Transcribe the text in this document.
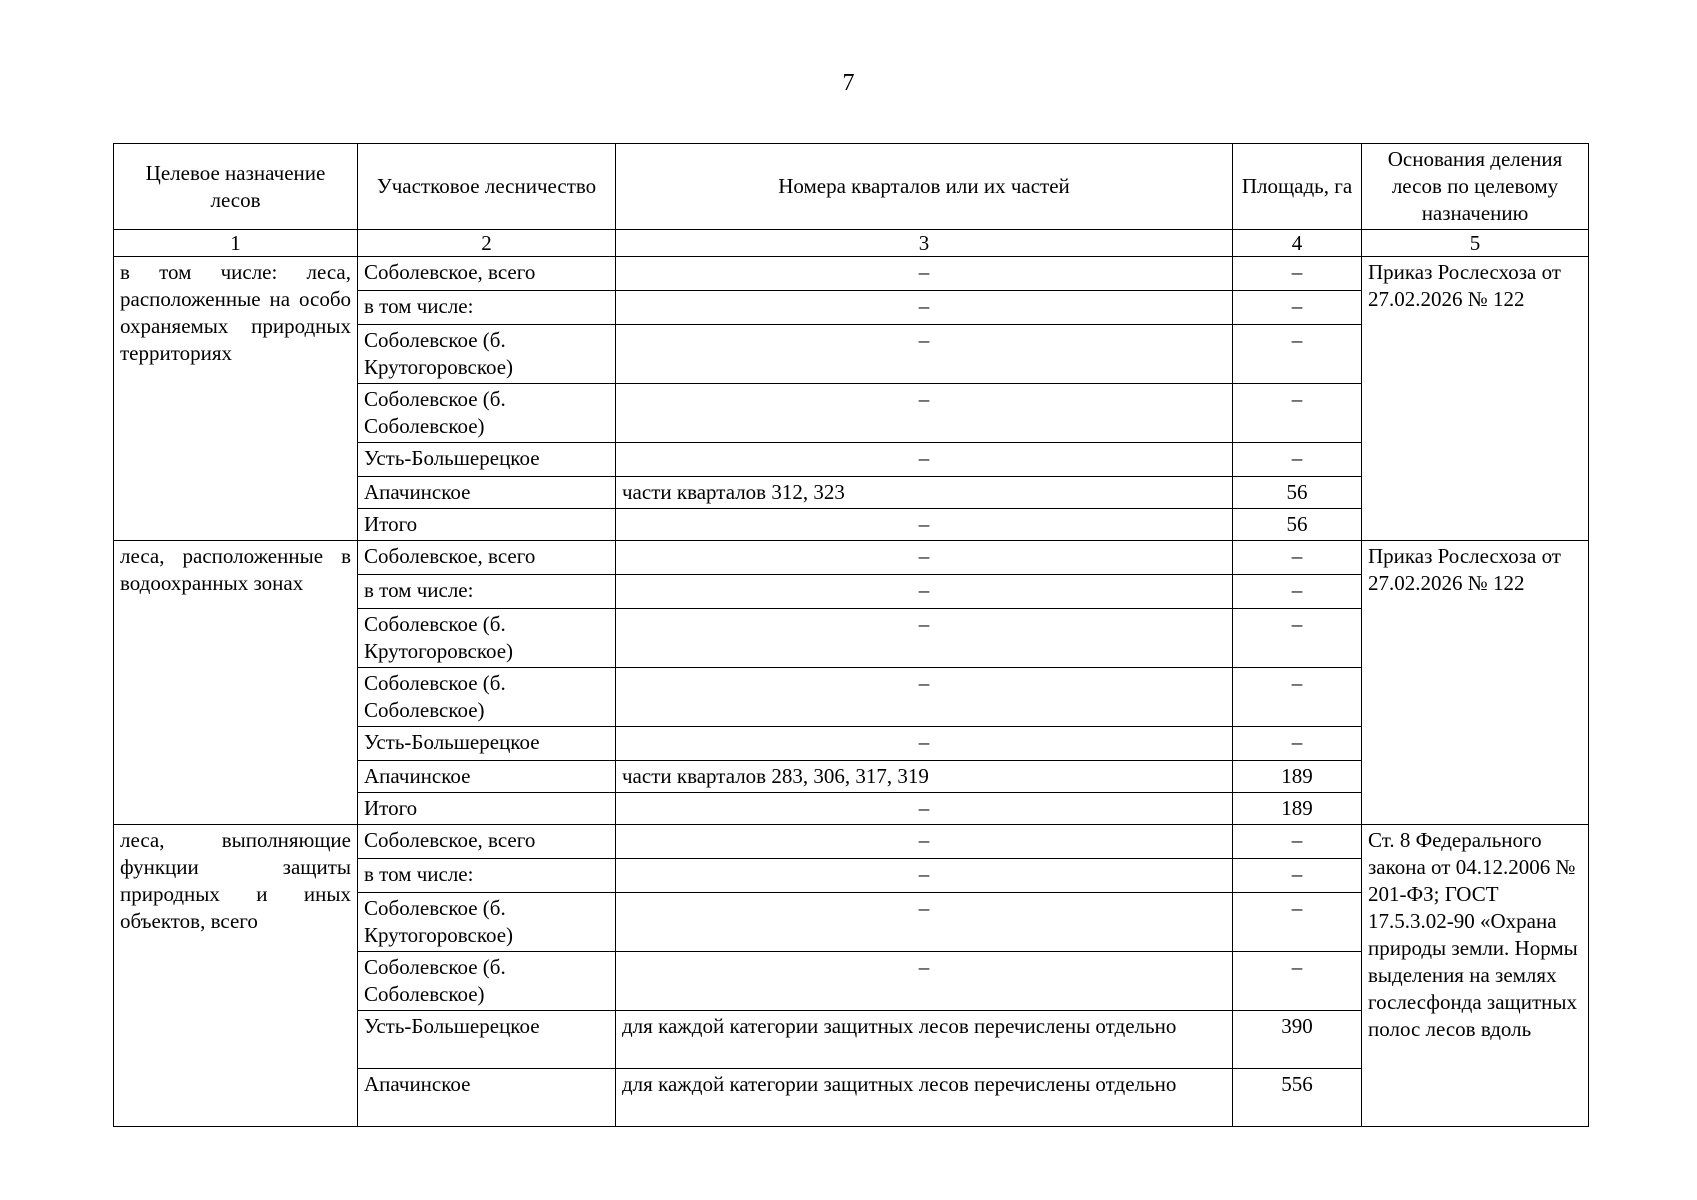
7
Целевое назначение лесов	Участковое лесничество	Номера кварталов или их частей	Площадь, га	Основания деления лесов по целевому назначению
1	2	3	4	5
в том числе: леса, расположенные на особо охраняемых природных территориях	Соболевское, всего	–	–	Приказ Рослесхоза от 27.02.2026 № 122
	в том числе:	–	–	
	Соболевское (б. Крутогоровское)	–	–	
	Соболевское (б. Соболевское)	–	–	
	Усть-Большерецкое	–	–	
	Апачинское	части кварталов 312, 323	56	
	Итого	–	56	
леса, расположенные в водоохранных зонах	Соболевское, всего	–	–	Приказ Рослесхоза от 27.02.2026 № 122
	в том числе:	–	–	
	Соболевское (б. Крутогоровское)	–	–	
	Соболевское (б. Соболевское)	–	–	
	Усть-Большерецкое	–	–	
	Апачинское	части кварталов 283, 306, 317, 319	189	
	Итого	–	189	
леса, выполняющие функции защиты природных и иных объектов, всего	Соболевское, всего	–	–	Ст. 8 Федерального закона от 04.12.2006 № 201-ФЗ; ГОСТ 17.5.3.02-90 «Охрана природы земли. Нормы выделения на землях гослесфонда защитных полос лесов вдоль
	в том числе:	–	–	
	Соболевское (б. Крутогоровское)	–	–	
	Соболевское (б. Соболевское)	–	–	
	Усть-Большерецкое	для каждой категории защитных лесов перечислены отдельно	390	
	Апачинское	для каждой категории защитных лесов перечислены отдельно	556	
